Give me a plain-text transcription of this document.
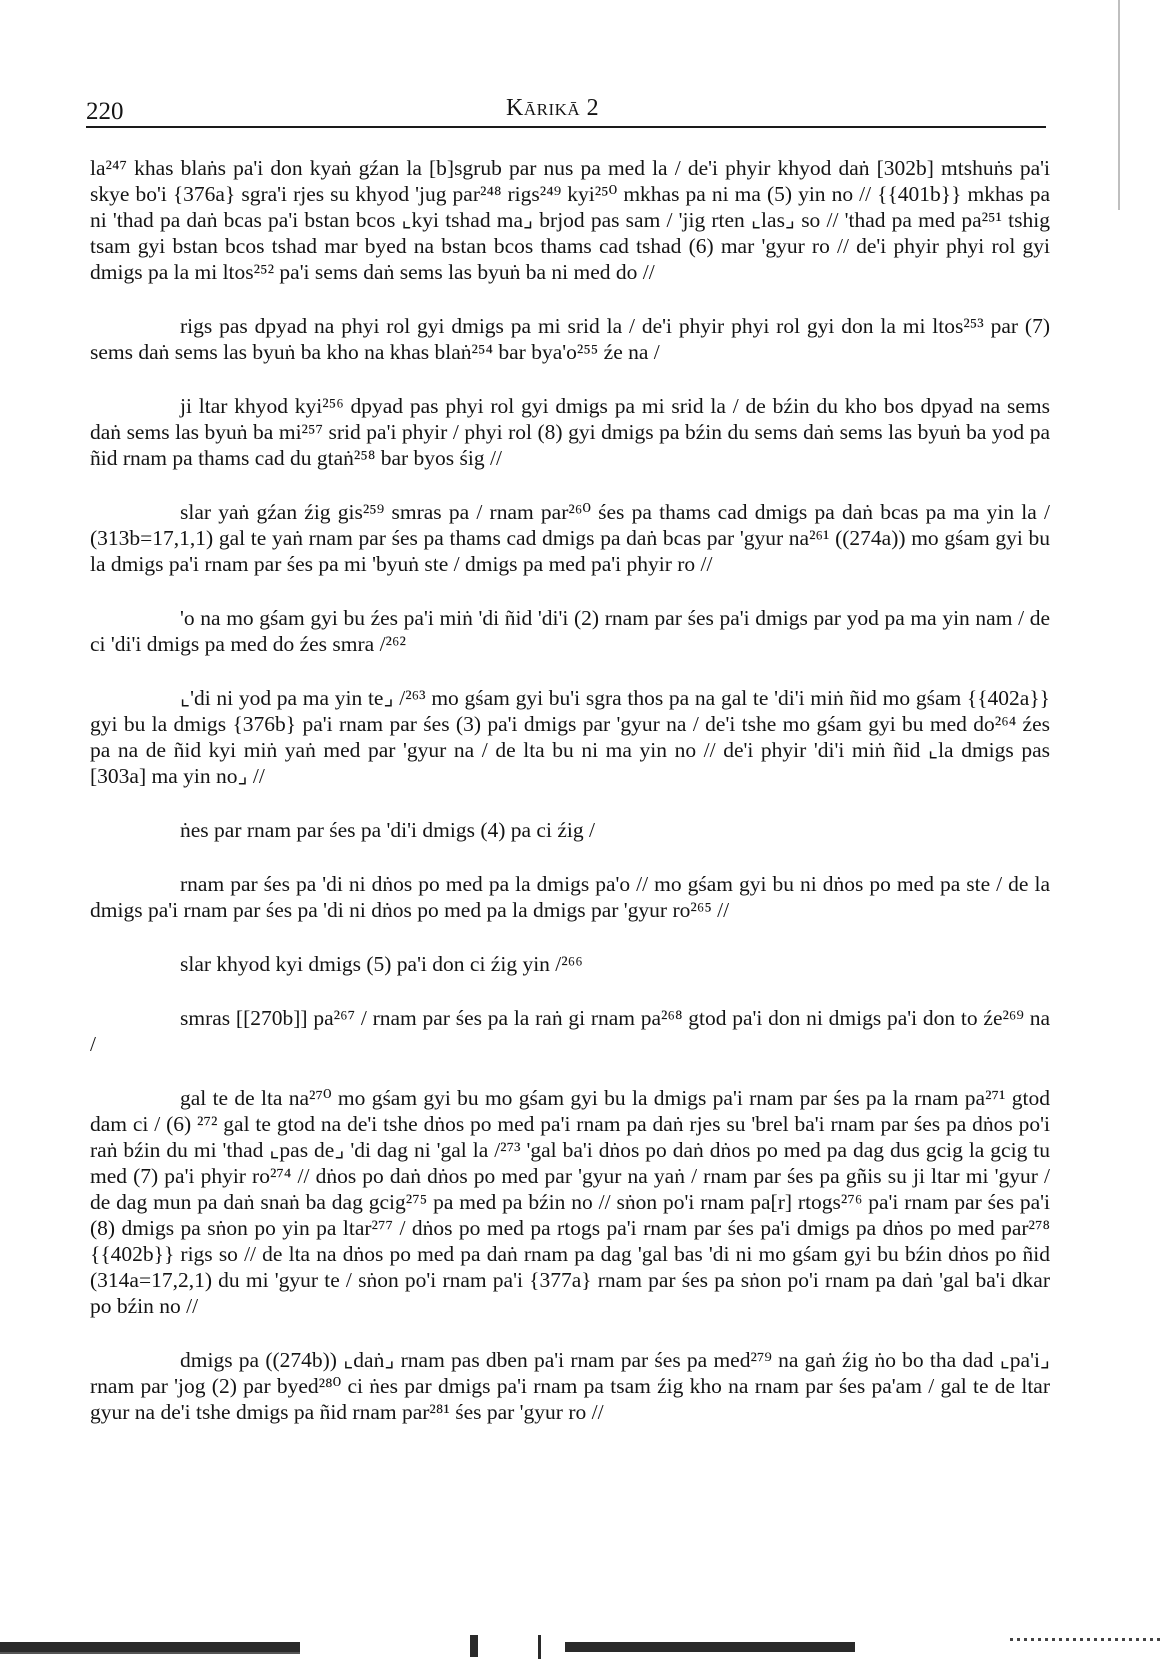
220	Kārikā 2

la²⁴⁷ khas blaṅs pa'i don kyaṅ gźan la [b]sgrub par nus pa med la / de'i phyir khyod daṅ [302b] mtshuṅs pa'i skye bo'i {376a} sgra'i rjes su khyod 'jug par²⁴⁸ rigs²⁴⁹ kyi²⁵⁰ mkhas pa ni ma (5) yin no // {{401b}} mkhas pa ni 'thad pa daṅ bcas pa'i bstan bcos ⌞kyi tshad ma⌟ brjod pas sam / 'jig rten ⌞las⌟ so // 'thad pa med pa²⁵¹ tshig tsam gyi bstan bcos tshad mar byed na bstan bcos thams cad tshad (6) mar 'gyur ro // de'i phyir phyi rol gyi dmigs pa la mi ltos²⁵² pa'i sems daṅ sems las byuṅ ba ni med do //

rigs pas dpyad na phyi rol gyi dmigs pa mi srid la / de'i phyir phyi rol gyi don la mi ltos²⁵³ par (7) sems daṅ sems las byuṅ ba kho na khas blaṅ²⁵⁴ bar bya'o²⁵⁵ źe na /

ji ltar khyod kyi²⁵⁶ dpyad pas phyi rol gyi dmigs pa mi srid la / de bźin du kho bos dpyad na sems daṅ sems las byuṅ ba mi²⁵⁷ srid pa'i phyir / phyi rol (8) gyi dmigs pa bźin du sems daṅ sems las byuṅ ba yod pa ñid rnam pa thams cad du gtaṅ²⁵⁸ bar byos śig //

slar yaṅ gźan źig gis²⁵⁹ smras pa / rnam par²⁶⁰ śes pa thams cad dmigs pa daṅ bcas pa ma yin la / (313b=17,1,1) gal te yaṅ rnam par śes pa thams cad dmigs pa daṅ bcas par 'gyur na²⁶¹ ((274a)) mo gśam gyi bu la dmigs pa'i rnam par śes pa mi 'byuṅ ste / dmigs pa med pa'i phyir ro //

'o na mo gśam gyi bu źes pa'i miṅ 'di ñid 'di'i (2) rnam par śes pa'i dmigs par yod pa ma yin nam / de ci 'di'i dmigs pa med do źes smra /²⁶²

⌞'di ni yod pa ma yin te⌟ /²⁶³ mo gśam gyi bu'i sgra thos pa na gal te 'di'i miṅ ñid mo gśam {{402a}} gyi bu la dmigs {376b} pa'i rnam par śes (3) pa'i dmigs par 'gyur na / de'i tshe mo gśam gyi bu med do²⁶⁴ źes pa na de ñid kyi miṅ yaṅ med par 'gyur na / de lta bu ni ma yin no // de'i phyir 'di'i miṅ ñid ⌞la dmigs pas [303a] ma yin no⌟ //

ṅes par rnam par śes pa 'di'i dmigs (4) pa ci źig /

rnam par śes pa 'di ni dṅos po med pa la dmigs pa'o // mo gśam gyi bu ni dṅos po med pa ste / de la dmigs pa'i rnam par śes pa 'di ni dṅos po med pa la dmigs par 'gyur ro²⁶⁵ //

slar khyod kyi dmigs (5) pa'i don ci źig yin /²⁶⁶

smras [[270b]] pa²⁶⁷ / rnam par śes pa la raṅ gi rnam pa²⁶⁸ gtod pa'i don ni dmigs pa'i don to źe²⁶⁹ na /

gal te de lta na²⁷⁰ mo gśam gyi bu mo gśam gyi bu la dmigs pa'i rnam par śes pa la rnam pa²⁷¹ gtod dam ci / (6) ²⁷² gal te gtod na de'i tshe dṅos po med pa'i rnam pa daṅ rjes su 'brel ba'i rnam par śes pa dṅos po'i raṅ bźin du mi 'thad ⌞pas de⌟ 'di dag ni 'gal la /²⁷³ 'gal ba'i dṅos po daṅ dṅos po med pa dag dus gcig la gcig tu med (7) pa'i phyir ro²⁷⁴ // dṅos po daṅ dṅos po med par 'gyur na yaṅ / rnam par śes pa gñis su ji ltar mi 'gyur / de dag mun pa daṅ snaṅ ba dag gcig²⁷⁵ pa med pa bźin no // sṅon po'i rnam pa[r] rtogs²⁷⁶ pa'i rnam par śes pa'i (8) dmigs pa sṅon po yin pa ltar²⁷⁷ / dṅos po med pa rtogs pa'i rnam par śes pa'i dmigs pa dṅos po med par²⁷⁸ {{402b}} rigs so // de lta na dṅos po med pa daṅ rnam pa dag 'gal bas 'di ni mo gśam gyi bu bźin dṅos po ñid (314a=17,2,1) du mi 'gyur te / sṅon po'i rnam pa'i {377a} rnam par śes pa sṅon po'i rnam pa daṅ 'gal ba'i dkar po bźin no //

dmigs pa ((274b)) ⌞daṅ⌟ rnam pas dben pa'i rnam par śes pa med²⁷⁹ na gaṅ źig ṅo bo tha dad ⌞pa'i⌟ rnam par 'jog (2) par byed²⁸⁰ ci ṅes par dmigs pa'i rnam pa tsam źig kho na rnam par śes pa'am / gal te de ltar gyur na de'i tshe dmigs pa ñid rnam par²⁸¹ śes par 'gyur ro //
